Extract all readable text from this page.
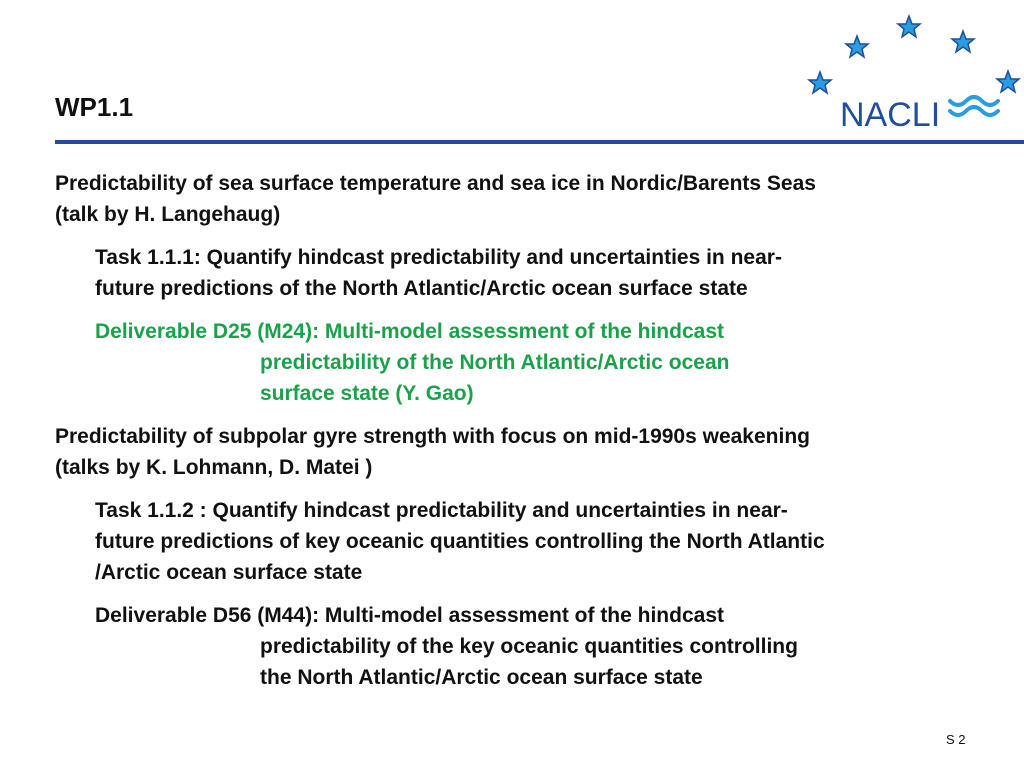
WP1.1	NACLI

Predictability of sea surface temperature and sea ice in Nordic/Barents Seas
(talk by H. Langehaug)

Task 1.1.1: Quantify hindcast predictability and uncertainties in near-
future predictions of the North Atlantic/Arctic ocean surface state

Deliverable D25 (M24): Multi-model assessment of the hindcast
predictability of the North Atlantic/Arctic ocean
surface state (Y. Gao)

Predictability of subpolar gyre strength with focus on mid-1990s weakening
(talks by K. Lohmann, D. Matei )

Task 1.1.2 : Quantify hindcast predictability and uncertainties in near-
future predictions of key oceanic quantities controlling the North Atlantic
/Arctic ocean surface state

Deliverable D56 (M44): Multi-model assessment of the hindcast
predictability of the key oceanic quantities controlling
the North Atlantic/Arctic ocean surface state

S 2
